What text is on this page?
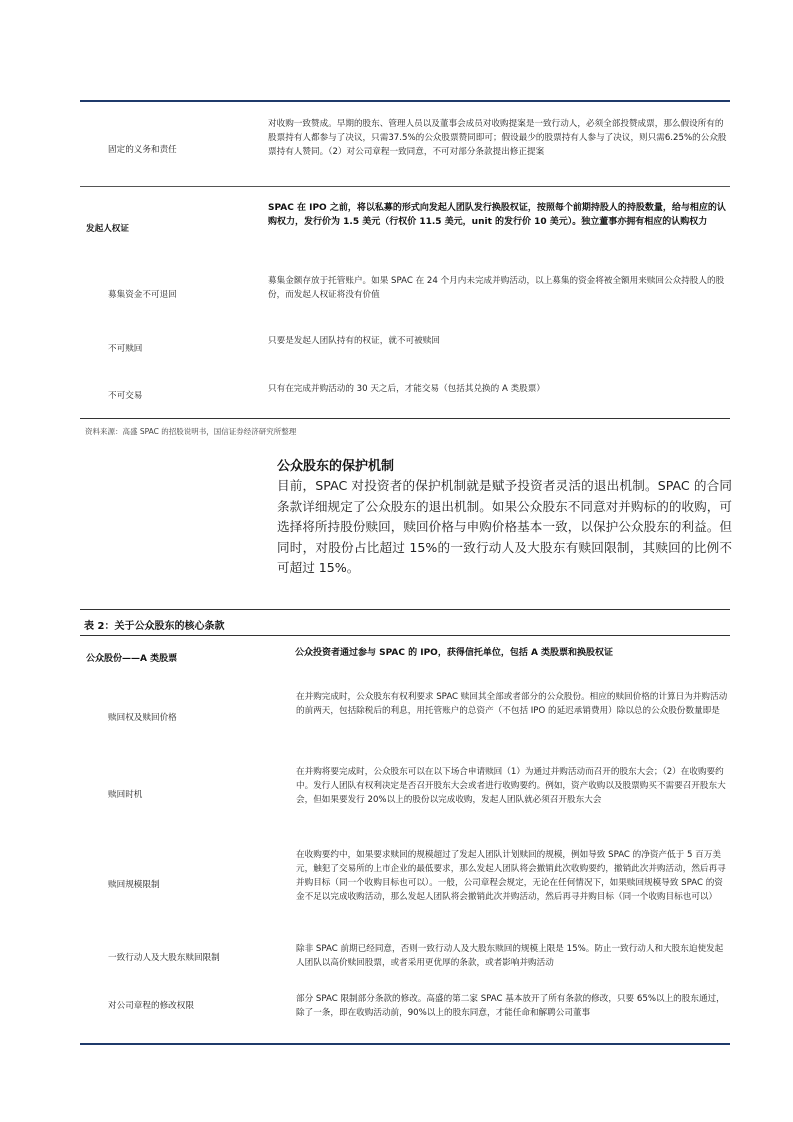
固定的义务和责任
对收购一致赞成。早期的股东、管理人员以及董事会成员对收购提案是一致行动人，必须全部投赞成票，那么假设所有的股票持有人都参与了决议，只需37.5%的公众股票赞同即可；假设最少的股票持有人参与了决议，则只需6.25%的公众股票持有人赞同。（2）对公司章程一致同意，不可对部分条款提出修正提案
发起人权证
SPAC 在 IPO 之前，将以私募的形式向发起人团队发行换股权证，按照每个前期持股人的持股数量，给与相应的认购权力，发行价为 1.5 美元（行权价 11.5 美元，unit 的发行价 10 美元）。独立董事亦拥有相应的认购权力
募集资金不可退回
募集金额存放于托管账户。如果 SPAC 在 24 个月内未完成并购活动，以上募集的资金将被全额用来赎回公众持股人的股份，而发起人权证将没有价值
不可赎回
只要是发起人团队持有的权证，就不可被赎回
不可交易
只有在完成并购活动的 30 天之后，才能交易（包括其兑换的 A 类股票）
资料来源：高盛 SPAC 的招股说明书，国信证券经济研究所整理
公众股东的保护机制
目前，SPAC 对投资者的保护机制就是赋予投资者灵活的退出机制。SPAC 的合同条款详细规定了公众股东的退出机制。如果公众股东不同意对并购标的的收购，可选择将所持股份赎回，赎回价格与申购价格基本一致，以保护公众股东的利益。但同时，对股份占比超过 15%的一致行动人及大股东有赎回限制，其赎回的比例不可超过 15%。
表 2：关于公众股东的核心条款
公众股份——A 类股票
公众投资者通过参与 SPAC 的 IPO，获得信托单位，包括 A 类股票和换股权证
赎回权及赎回价格
在并购完成时，公众股东有权利要求 SPAC 赎回其全部或者部分的公众股份。相应的赎回价格的计算日为并购活动的前两天，包括除税后的利息，用托管账户的总资产（不包括 IPO 的延迟承销费用）除以总的公众股份数量即是
赎回时机
在并购将要完成时，公众股东可以在以下场合申请赎回（1）为通过并购活动而召开的股东大会；（2）在收购要约中。发行人团队有权利决定是否召开股东大会或者进行收购要约。例如，资产收购以及股票购买不需要召开股东大会，但如果要发行 20%以上的股份以完成收购，发起人团队就必须召开股东大会
赎回规模限制
在收购要约中，如果要求赎回的规模超过了发起人团队计划赎回的规模，例如导致 SPAC 的净资产低于 5 百万美元，触犯了交易所的上市企业的最低要求，那么发起人团队将会撤销此次收购要约，撤销此次并购活动，然后再寻并购目标（同一个收购目标也可以）。一般，公司章程会规定，无论在任何情况下，如果赎回规模导致 SPAC 的资金不足以完成收购活动，那么发起人团队将会撤销此次并购活动，然后再寻并购目标（同一个收购目标也可以）
一致行动人及大股东赎回限制
除非 SPAC 前期已经同意，否则一致行动人及大股东赎回的规模上限是 15%。防止一致行动人和大股东迫使发起人团队以高价赎回股票，或者采用更优厚的条款，或者影响并购活动
对公司章程的修改权限
部分 SPAC 限制部分条款的修改。高盛的第二家 SPAC 基本放开了所有条款的修改，只要 65%以上的股东通过，除了一条，即在收购活动前，90%以上的股东同意，才能任命和解聘公司董事
